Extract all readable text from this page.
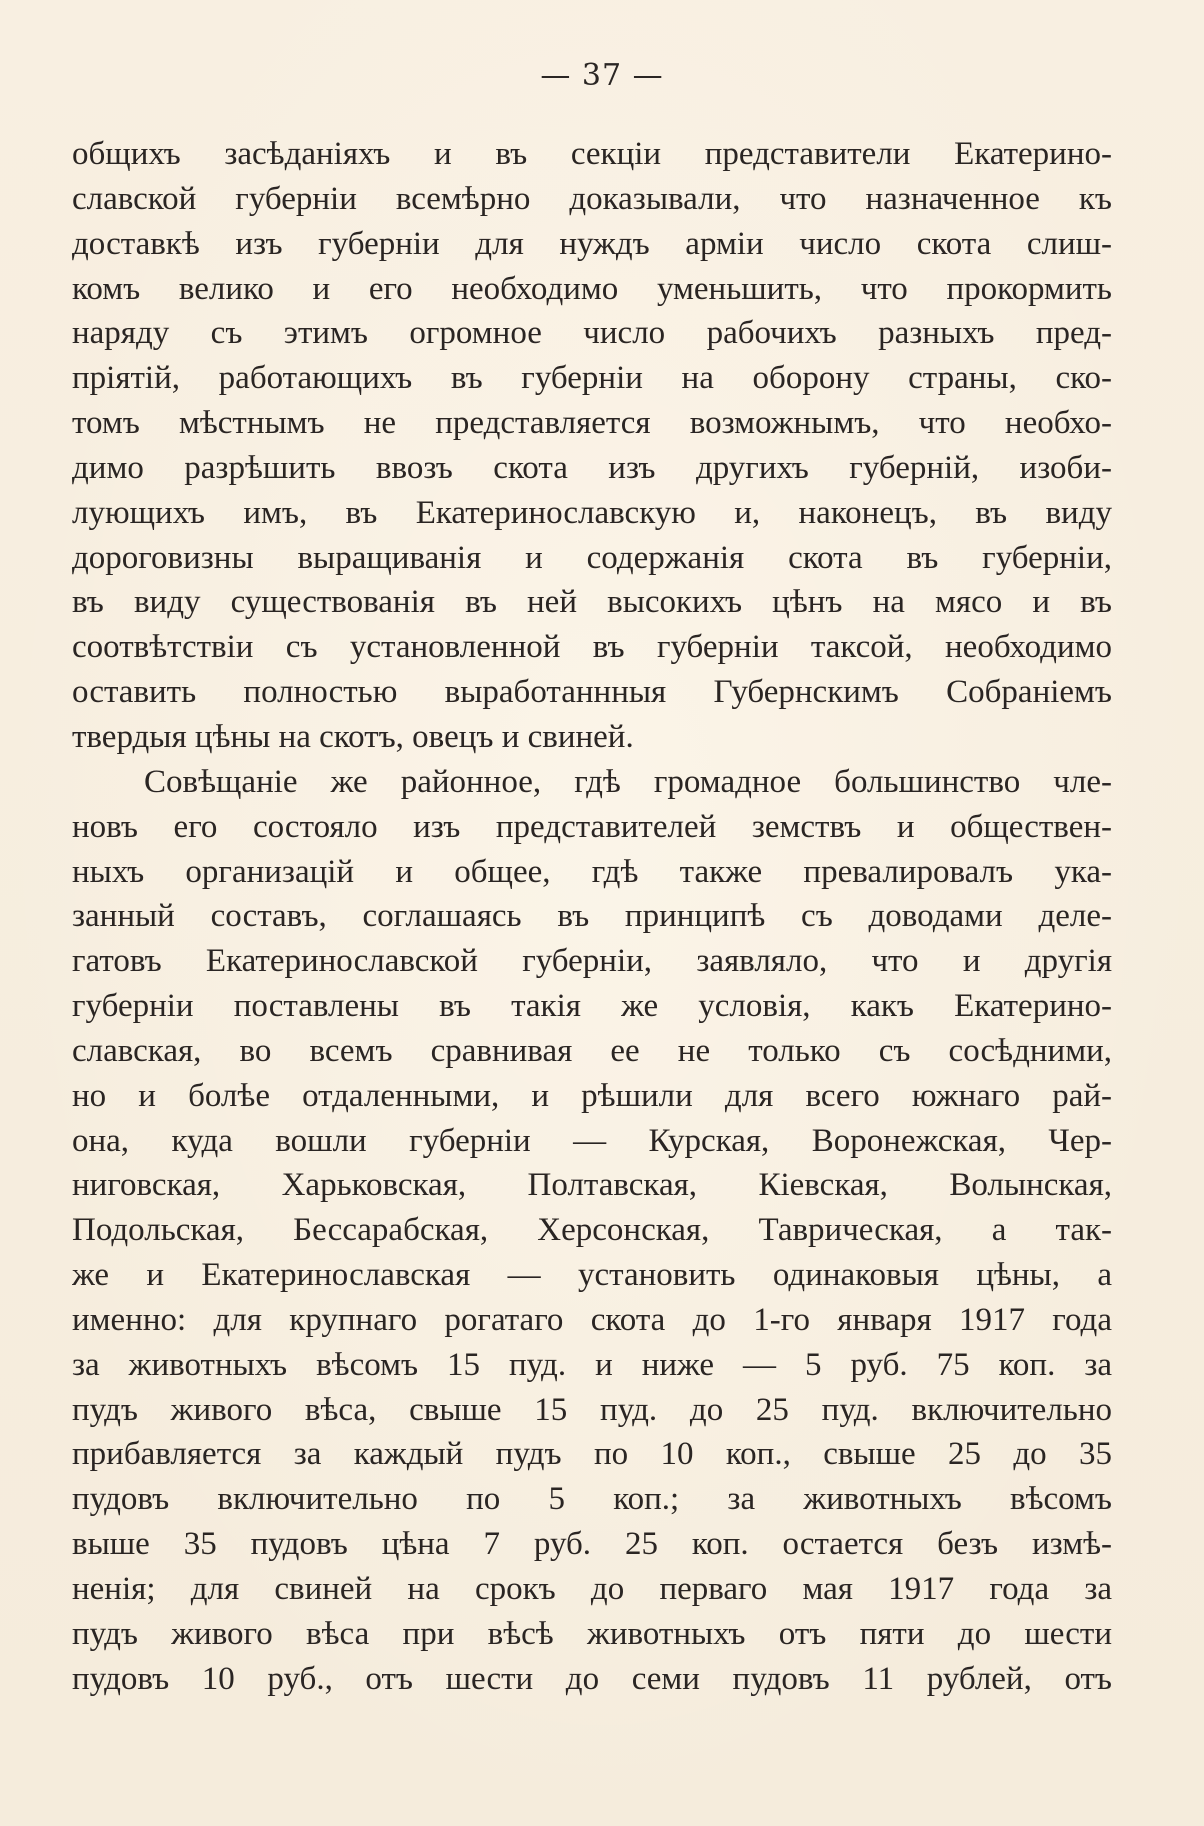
— 37 —
общихъ засѣданіяхъ и въ секціи представители Екатерино-
славской губерніи всемѣрно доказывали, что назначенное къ
доставкѣ изъ губерніи для нуждъ арміи число скота слиш-
комъ велико и его необходимо уменьшить, что прокормить
наряду съ этимъ огромное число рабочихъ разныхъ пред-
пріятій, работающихъ въ губерніи на оборону страны, ско-
томъ мѣстнымъ не представляется возможнымъ, что необхо-
димо разрѣшить ввозъ скота изъ другихъ губерній, изоби-
лующихъ имъ, въ Екатеринославскую и, наконецъ, въ виду
дороговизны выращиванія и содержанія скота въ губерніи,
въ виду существованія въ ней высокихъ цѣнъ на мясо и въ
соотвѣтствіи съ установленной въ губерніи таксой, необходимо
оставить полностью выработаннныя Губернскимъ Собраніемъ
твердыя цѣны на скотъ, овецъ и свиней.
Совѣщаніе же районное, гдѣ громадное большинство чле-
новъ его состояло изъ представителей земствъ и обществен-
ныхъ организацій и общее, гдѣ также превалировалъ ука-
занный составъ, соглашаясь въ принципѣ съ доводами деле-
гатовъ Екатеринославской губерніи, заявляло, что и другія
губерніи поставлены въ такія же условія, какъ Екатерино-
славская, во всемъ сравнивая ее не только съ сосѣдними,
но и болѣе отдаленными, и рѣшили для всего южнаго рай-
она, куда вошли губерніи — Курская, Воронежская, Чер-
ниговская, Харьковская, Полтавская, Кіевская, Волынская,
Подольская, Бессарабская, Херсонская, Таврическая, а так-
же и Екатеринославская — установить одинаковыя цѣны, а
именно: для крупнаго рогатаго скота до 1-го января 1917 года
за животныхъ вѣсомъ 15 пуд. и ниже — 5 руб. 75 коп. за
пудъ живого вѣса, свыше 15 пуд. до 25 пуд. включительно
прибавляется за каждый пудъ по 10 коп., свыше 25 до 35
пудовъ включительно по 5 коп.; за животныхъ вѣсомъ
выше 35 пудовъ цѣна 7 руб. 25 коп. остается безъ измѣ-
ненія; для свиней на срокъ до перваго мая 1917 года за
пудъ живого вѣса при вѣсѣ животныхъ отъ пяти до шести
пудовъ 10 руб., отъ шести до семи пудовъ 11 рублей, отъ
